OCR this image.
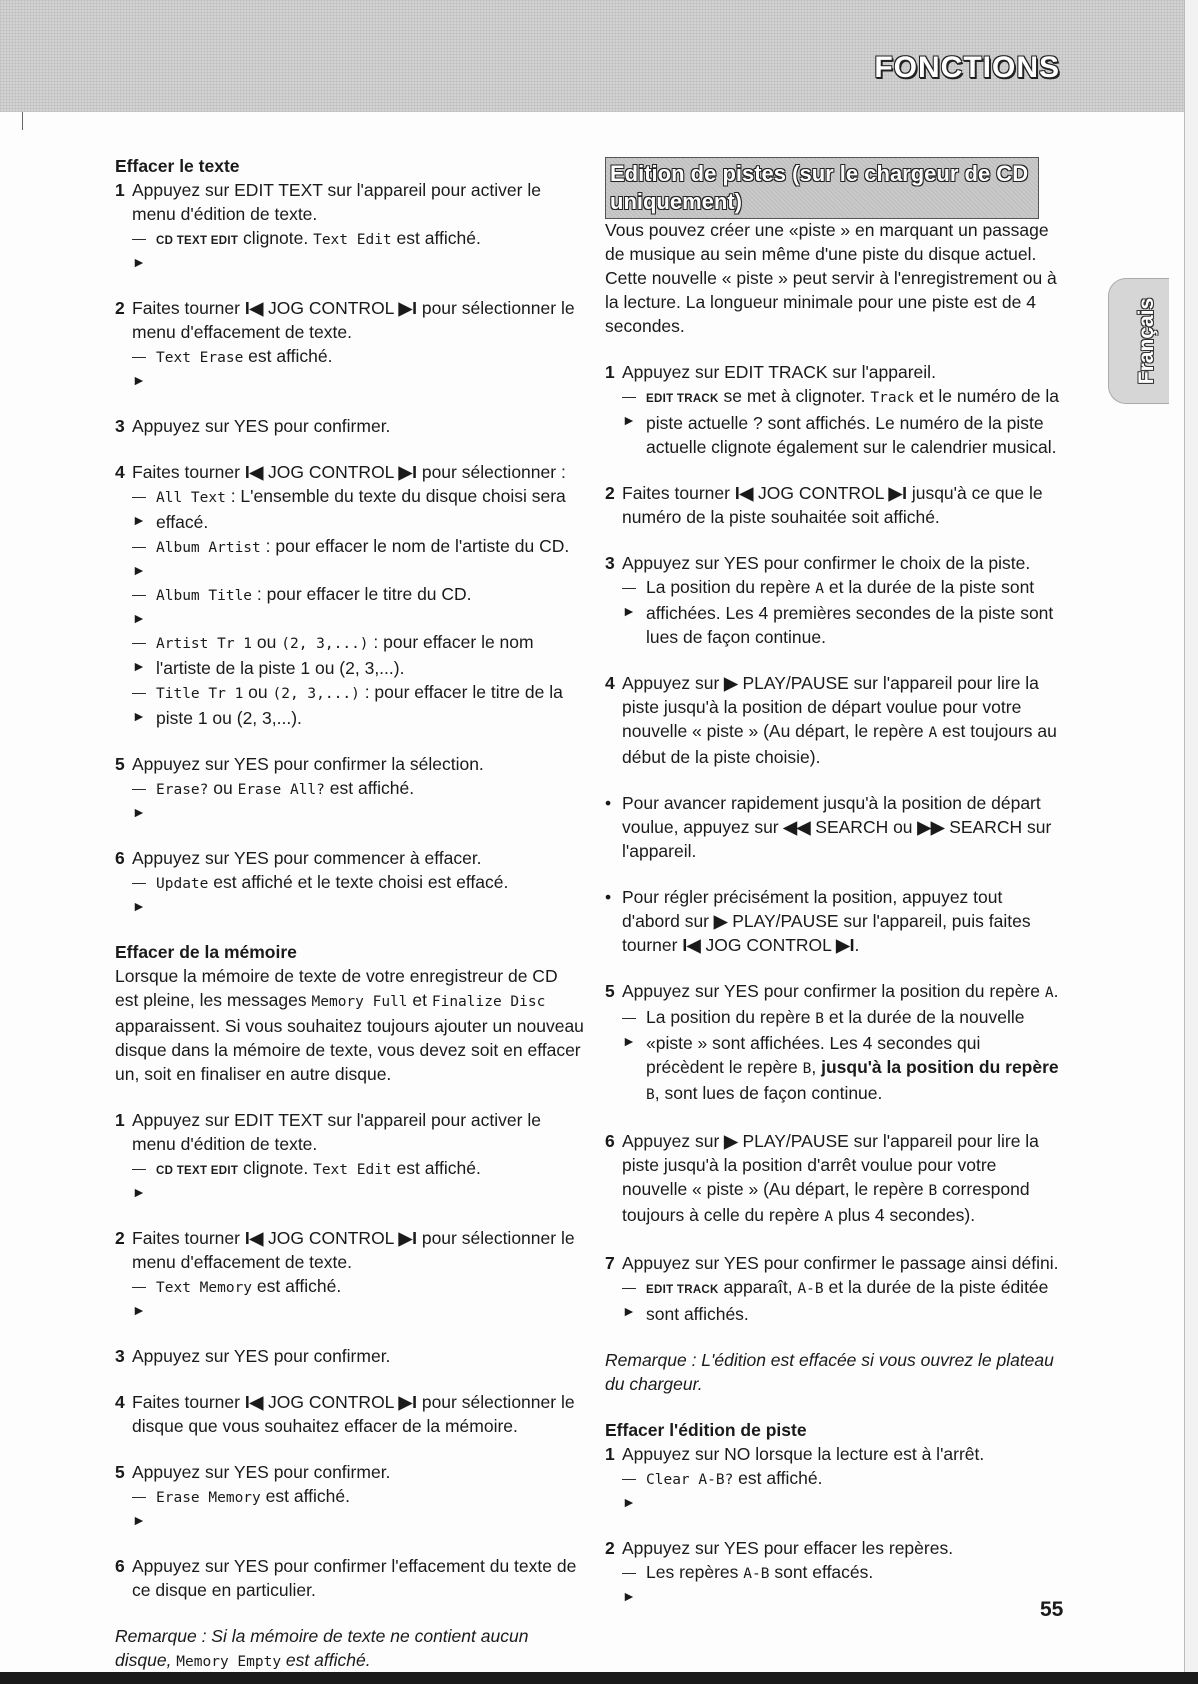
FONCTIONS
Français
Effacer le texte
1 Appuyez sur EDIT TEXT sur l'appareil pour activer le menu d'édition de texte.

—►
CD TEXT EDIT clignote. Text Edit est affiché.
2 Faites tourner I◀ JOG CONTROL ▶I pour sélectionner le menu d'effacement de texte.

—►
Text Erase est affiché.
3 Appuyez sur YES pour confirmer.

4 Faites tourner I◀ JOG CONTROL ▶I pour sélectionner :

—►
All Text : L'ensemble du texte du disque choisi sera effacé.
—►
Album Artist : pour effacer le nom de l'artiste du CD.
—►
Album Title : pour effacer le titre du CD.
—►
Artist Tr 1 ou (2, 3,...) : pour effacer le nom l'artiste de la piste 1 ou (2, 3,...).
—►
Title Tr 1 ou (2, 3,...) : pour effacer le titre de la piste 1 ou (2, 3,...).
5 Appuyez sur YES pour confirmer la sélection.

—►
Erase? ou Erase All? est affiché.
6 Appuyez sur YES pour commencer à effacer.

—►
Update est affiché et le texte choisi est effacé.
Effacer de la mémoire

Lorsque la mémoire de texte de votre enregistreur de CD est pleine, les messages Memory Full et Finalize Disc apparaissent. Si vous souhaitez toujours ajouter un nouveau disque dans la mémoire de texte, vous devez soit en effacer un, soit en finaliser en autre disque.

1 Appuyez sur EDIT TEXT sur l'appareil pour activer le menu d'édition de texte.

—►
CD TEXT EDIT clignote. Text Edit est affiché.
2 Faites tourner I◀ JOG CONTROL ▶I pour sélectionner le menu d'effacement de texte.

—►
Text Memory est affiché.
3 Appuyez sur YES pour confirmer.

4 Faites tourner I◀ JOG CONTROL ▶I pour sélectionner le disque que vous souhaitez effacer de la mémoire.

5 Appuyez sur YES pour confirmer.

—►
Erase Memory est affiché.
6 Appuyez sur YES pour confirmer l'effacement du texte de ce disque en particulier.

Remarque : Si la mémoire de texte ne contient aucun disque, Memory Empty est affiché.

Edition de pistes (sur le chargeur de CD uniquement)

Vous pouvez créer une «piste » en marquant un passage de musique au sein même d'une piste du disque actuel. Cette nouvelle « piste » peut servir à l'enregistrement ou à la lecture. La longueur minimale pour une piste est de 4 secondes.

1 Appuyez sur EDIT TRACK sur l'appareil.

—►
EDIT TRACK se met à clignoter. Track et le numéro de la piste actuelle ? sont affichés. Le numéro de la piste actuelle clignote également sur le calendrier musical.
2 Faites tourner I◀ JOG CONTROL ▶I jusqu'à ce que le numéro de la piste souhaitée soit affiché.

3 Appuyez sur YES pour confirmer le choix de la piste.

—►
La position du repère A et la durée de la piste sont affichées. Les 4 premières secondes de la piste sont lues de façon continue.
4 Appuyez sur ▶ PLAY/PAUSE sur l'appareil pour lire la piste jusqu'à la position de départ voulue pour votre nouvelle « piste » (Au départ, le repère A est toujours au début de la piste choisie).

• Pour avancer rapidement jusqu'à la position de départ voulue, appuyez sur ◀◀ SEARCH ou ▶▶ SEARCH sur l'appareil.

• Pour régler précisément la position, appuyez tout d'abord sur ▶ PLAY/PAUSE sur l'appareil, puis faites tourner I◀ JOG CONTROL ▶I.

5 Appuyez sur YES pour confirmer la position du repère A.

—►
La position du repère B et la durée de la nouvelle «piste » sont affichées. Les 4 secondes qui précèdent le repère B, jusqu'à la position du repère B, sont lues de façon continue.
6 Appuyez sur ▶ PLAY/PAUSE sur l'appareil pour lire la piste jusqu'à la position d'arrêt voulue pour votre nouvelle « piste » (Au départ, le repère B correspond toujours à celle du repère A plus 4 secondes).

7 Appuyez sur YES pour confirmer le passage ainsi défini.

—►
EDIT TRACK apparaît, A-B et la durée de la piste éditée sont affichés.

Remarque : L'édition est effacée si vous ouvrez le plateau du chargeur.

Effacer l'édition de piste
1 Appuyez sur NO lorsque la lecture est à l'arrêt.

—►
Clear A-B? est affiché.
2 Appuyez sur YES pour effacer les repères.

—►
Les repères A-B sont effacés.
55
